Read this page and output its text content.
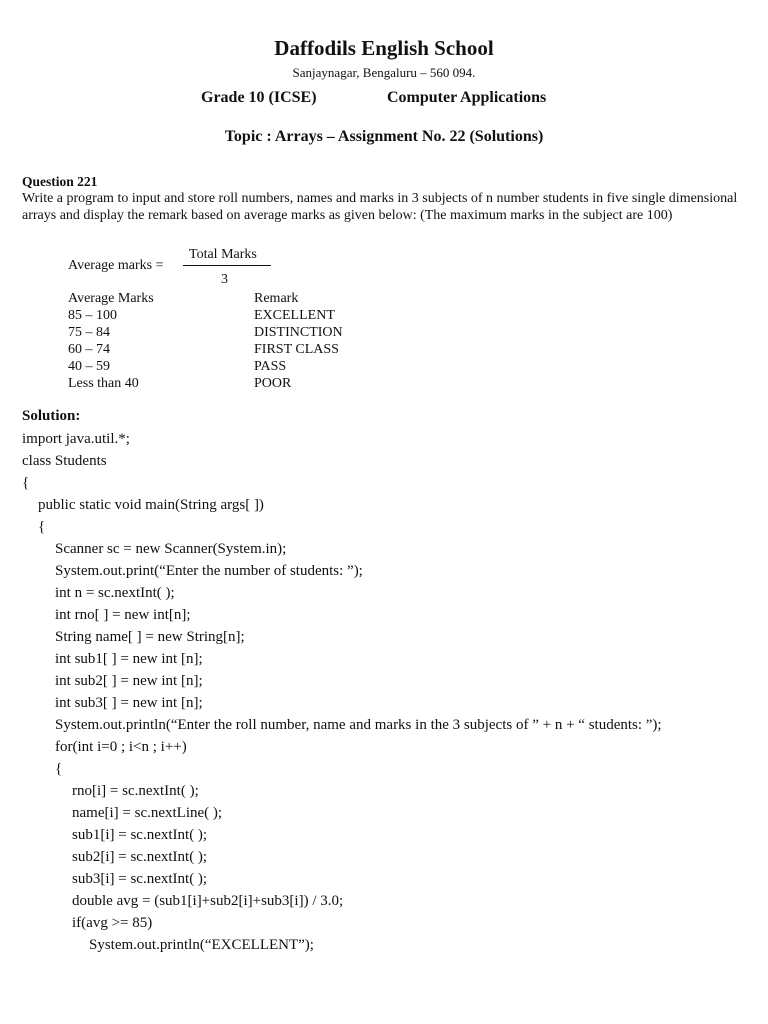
Daffodils English School
Sanjaynagar, Bengaluru – 560 094.
Grade 10 (ICSE)	Computer Applications
Topic : Arrays – Assignment No. 22 (Solutions)
Question 221
Write a program to input and store roll numbers, names and marks in 3 subjects of n number students in five single dimensional arrays and display the remark based on average marks as given below: (The maximum marks in the subject are 100)
Average marks =
Total Marks
3
Average Marks	Remark
85 – 100	EXCELLENT
75 – 84	DISTINCTION
60 – 74	FIRST CLASS
40 – 59	PASS
Less than 40	POOR
Solution:
import java.util.*;
class Students
{
public static void main(String args[ ])
{
Scanner sc = new Scanner(System.in);
System.out.print(“Enter the number of students: ”);
int n = sc.nextInt( );
int rno[ ] = new int[n];
String name[ ] = new String[n];
int sub1[ ] = new int [n];
int sub2[ ] = new int [n];
int sub3[ ] = new int [n];
System.out.println(“Enter the roll number, name and marks in the 3 subjects of ” + n + “ students: ”);
for(int i=0 ; i<n ; i++)
{
rno[i] = sc.nextInt( );
name[i] = sc.nextLine( );
sub1[i] = sc.nextInt( );
sub2[i] = sc.nextInt( );
sub3[i] = sc.nextInt( );
double avg = (sub1[i]+sub2[i]+sub3[i]) / 3.0;
if(avg >= 85)
System.out.println(“EXCELLENT”);
